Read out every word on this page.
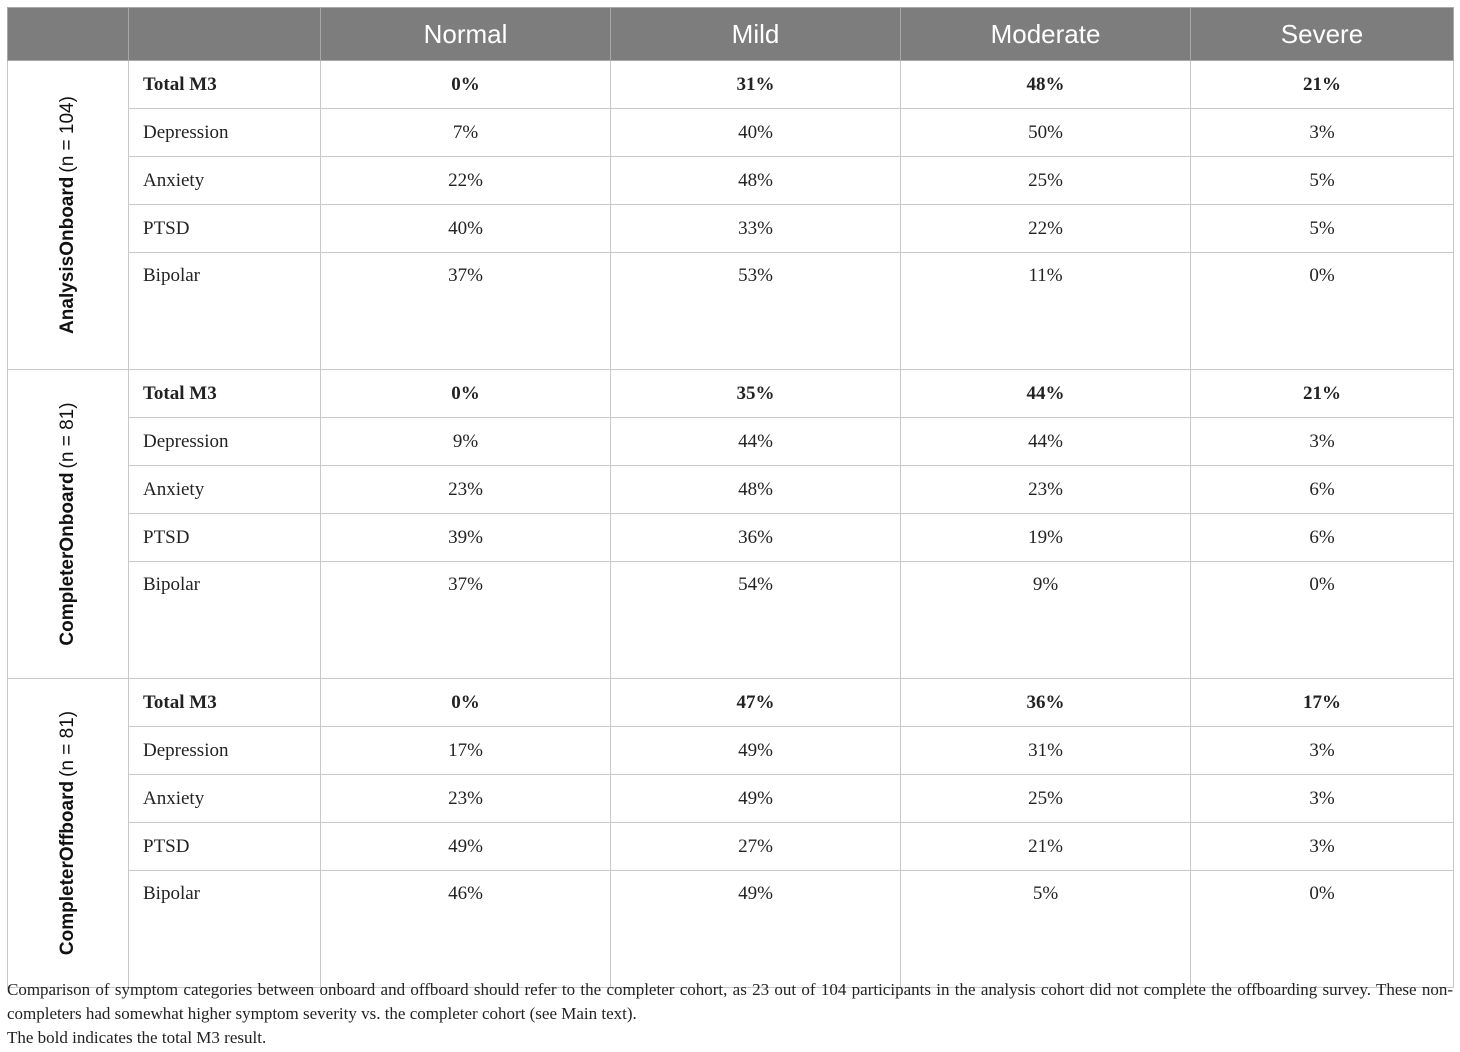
		Normal	Mild	Moderate	Severe

AnalysisOnboard(n = 104)	Total M3	0%	31%	48%	21%
	Depression	7%	40%	50%	3%
	Anxiety	22%	48%	25%	5%
	PTSD	40%	33%	22%	5%
	Bipolar	37%	53%	11%	0%

CompleterOnboard(n = 81)	Total M3	0%	35%	44%	21%
	Depression	9%	44%	44%	3%
	Anxiety	23%	48%	23%	6%
	PTSD	39%	36%	19%	6%
	Bipolar	37%	54%	9%	0%

CompleterOffboard(n = 81)	Total M3	0%	47%	36%	17%
	Depression	17%	49%	31%	3%
	Anxiety	23%	49%	25%	3%
	PTSD	49%	27%	21%	3%
	Bipolar	46%	49%	5%	0%

Comparison of symptom categories between onboard and offboard should refer to the completer cohort, as 23 out of 104 participants in the analysis cohort did not complete the offboarding survey. These non-completers had somewhat higher symptom severity vs. the completer cohort (see Main text).

The bold indicates the total M3 result.
